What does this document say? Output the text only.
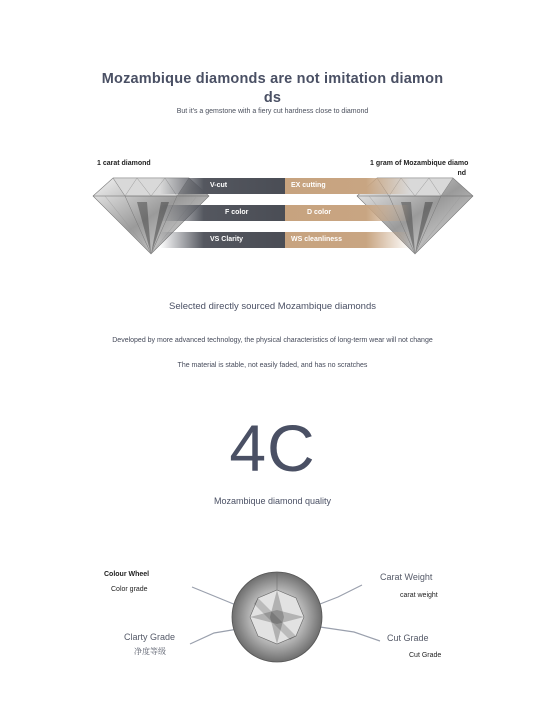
Mozambique diamonds are not imitation diamon
ds
But it's a gemstone with a fiery cut hardness close to diamond
1 carat diamond	1 gram of Mozambique diamo
nd
V-cut	EX cutting
F color	D color
VS Clarity	WS cleanliness
Selected directly sourced Mozambique diamonds
Developed by more advanced technology, the physical characteristics of long-term wear will not change
The material is stable, not easily faded, and has no scratches
4C
Mozambique diamond quality
Colour Wheel
Color grade
Carat Weight
carat weight
Clarty Grade
净度等级
Cut Grade
Cut Grade
